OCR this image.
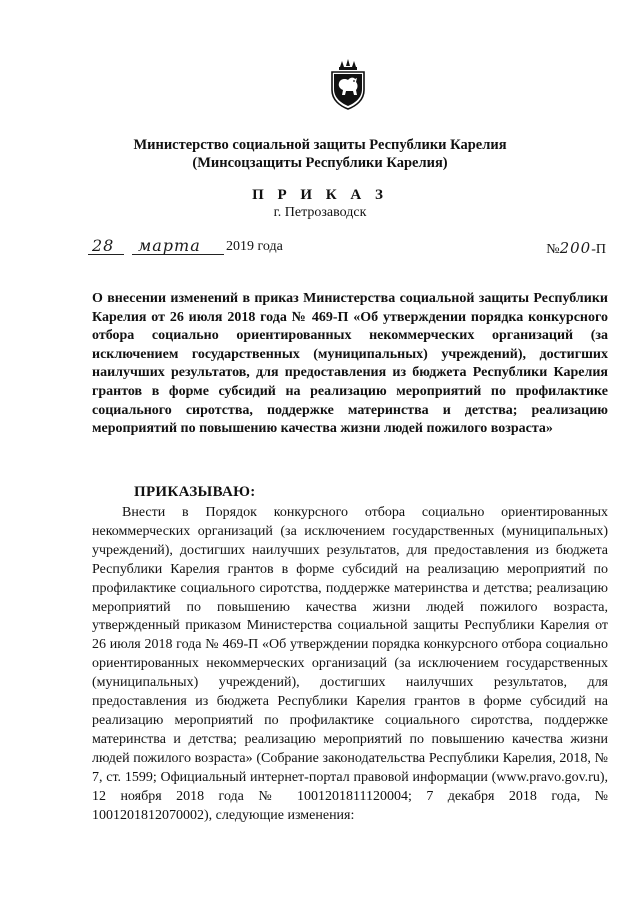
Министерство социальной защиты Республики Карелия
(Минсоцзащиты Республики Карелия)
П Р И К А З
г. Петрозаводск
28 марта 2019 года	№200-П
О внесении изменений в приказ Министерства социальной защиты Республики Карелия от 26 июля 2018 года № 469-П «Об утверждении порядка конкурсного отбора социально ориентированных некоммерческих организаций (за исключением государственных (муниципальных) учреждений), достигших наилучших результатов, для предоставления из бюджета Республики Карелия грантов в форме субсидий на реализацию мероприятий по профилактике социального сиротства, поддержке материнства и детства; реализацию мероприятий по повышению качества жизни людей пожилого возраста»
ПРИКАЗЫВАЮ:

Внести в Порядок конкурсного отбора социально ориентированных некоммерческих организаций (за исключением государственных (муниципальных) учреждений), достигших наилучших результатов, для предоставления из бюджета Республики Карелия грантов в форме субсидий на реализацию мероприятий по профилактике социального сиротства, поддержке материнства и детства; реализацию мероприятий по повышению качества жизни людей пожилого возраста, утвержденный приказом Министерства социальной защиты Республики Карелия от 26 июля 2018 года № 469-П «Об утверждении порядка конкурсного отбора социально ориентированных некоммерческих организаций (за исключением государственных (муниципальных) учреждений), достигших наилучших результатов, для предоставления из бюджета Республики Карелия грантов в форме субсидий на реализацию мероприятий по профилактике социального сиротства, поддержке материнства и детства; реализацию мероприятий по повышению качества жизни людей пожилого возраста» (Собрание законодательства Республики Карелия, 2018, № 7, ст. 1599; Официальный интернет-портал правовой информации (www.pravo.gov.ru), 12 ноября 2018 года № 1001201811120004; 7 декабря 2018 года, № 1001201812070002), следующие изменения:
